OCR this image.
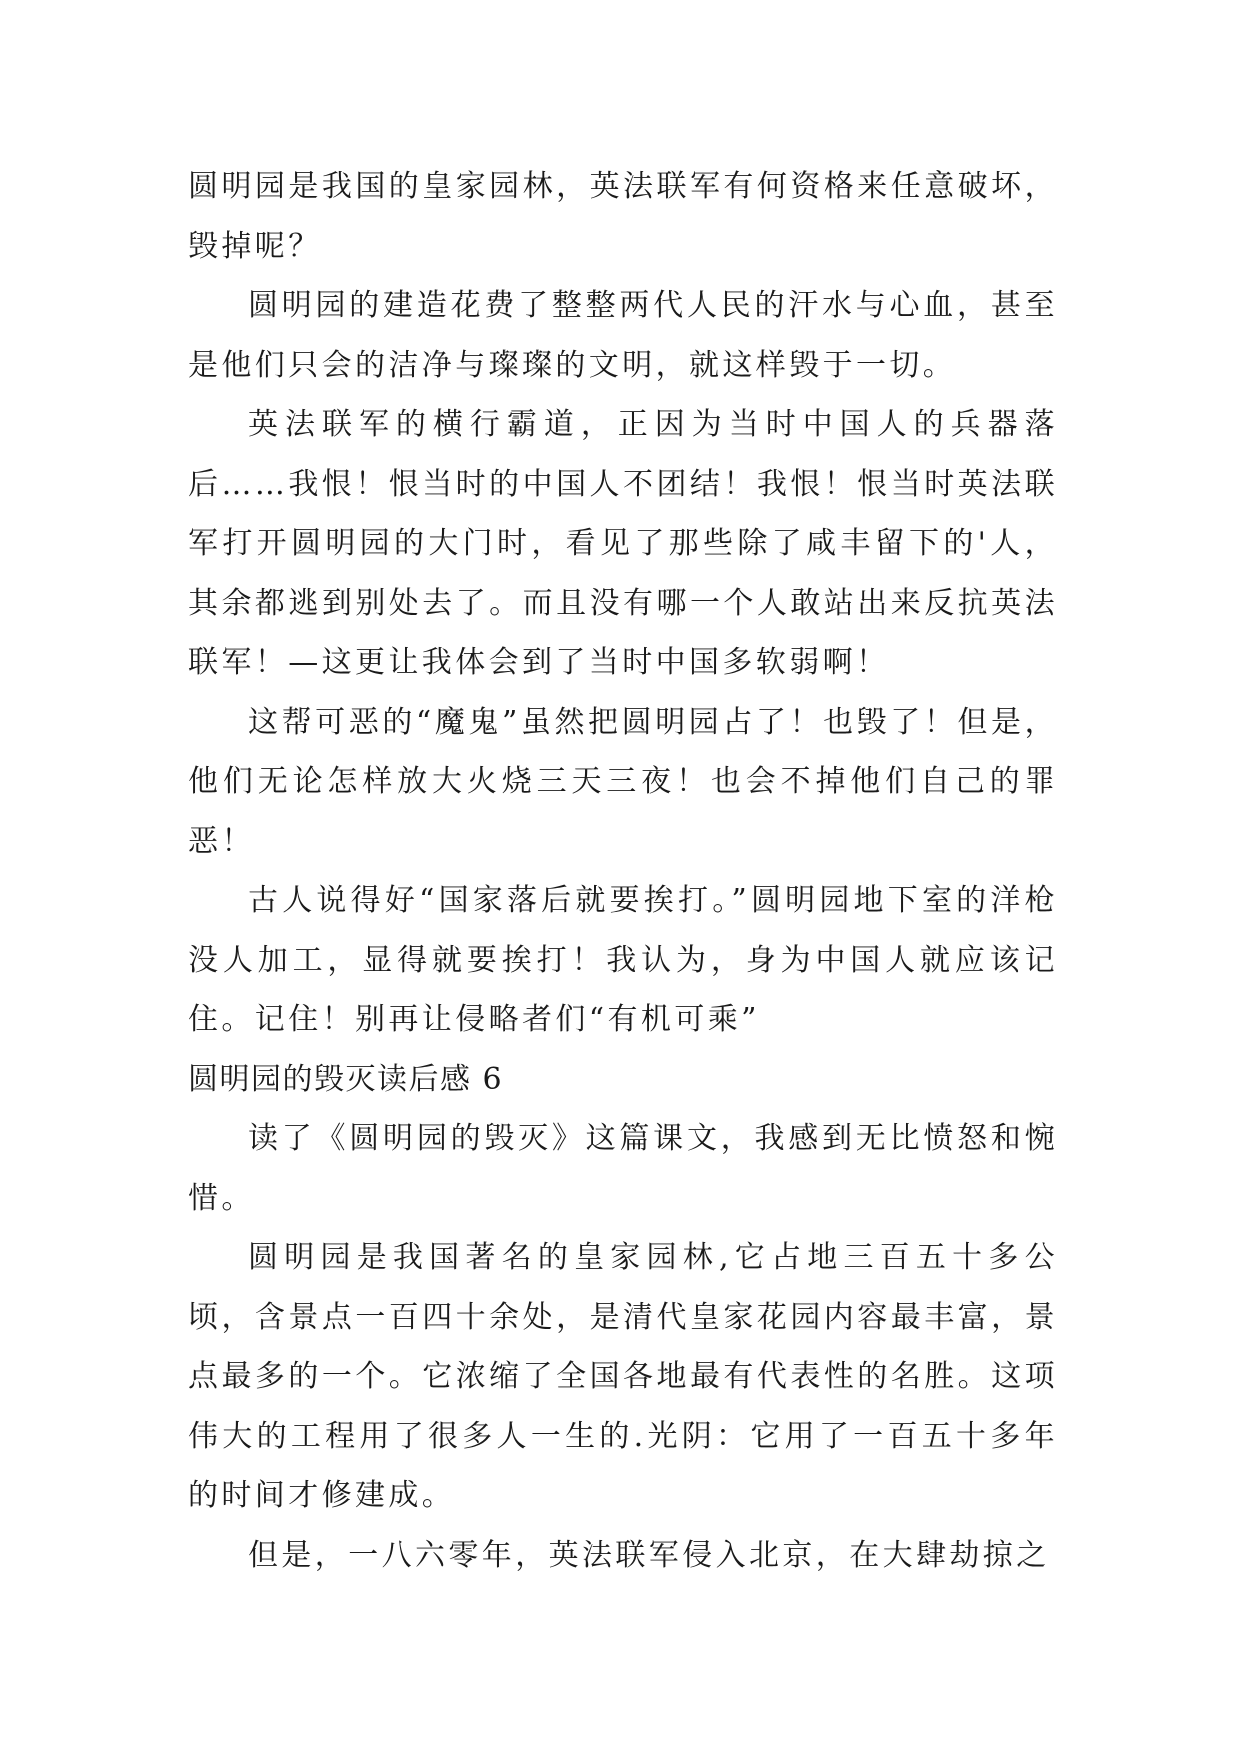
圆明园是我国的皇家园林，英法联军有何资格来任意破坏，毁掉呢？

圆明园的建造花费了整整两代人民的汗水与心血，甚至是他们只会的洁净与璨璨的文明，就这样毁于一切。

英法联军的横行霸道，正因为当时中国人的兵器落后……我恨！恨当时的中国人不团结！我恨！恨当时英法联军打开圆明园的大门时，看见了那些除了咸丰留下的'人，其余都逃到别处去了。而且没有哪一个人敢站出来反抗英法联军！—这更让我体会到了当时中国多软弱啊！

这帮可恶的“魔鬼”虽然把圆明园占了！也毁了！但是，他们无论怎样放大火烧三天三夜！也会不掉他们自己的罪恶！

古人说得好“国家落后就要挨打。”圆明园地下室的洋枪没人加工，显得就要挨打！我认为，身为中国人就应该记住。记住！别再让侵略者们“有机可乘”

圆明园的毁灭读后感 6

读了《圆明园的毁灭》这篇课文，我感到无比愤怒和惋惜。

圆明园是我国著名的皇家园林,它占地三百五十多公顷，含景点一百四十余处，是清代皇家花园内容最丰富，景点最多的一个。它浓缩了全国各地最有代表性的名胜。这项伟大的工程用了很多人一生的.光阴：它用了一百五十多年的时间才修建成。

但是，一八六零年，英法联军侵入北京，在大肆劫掠之
